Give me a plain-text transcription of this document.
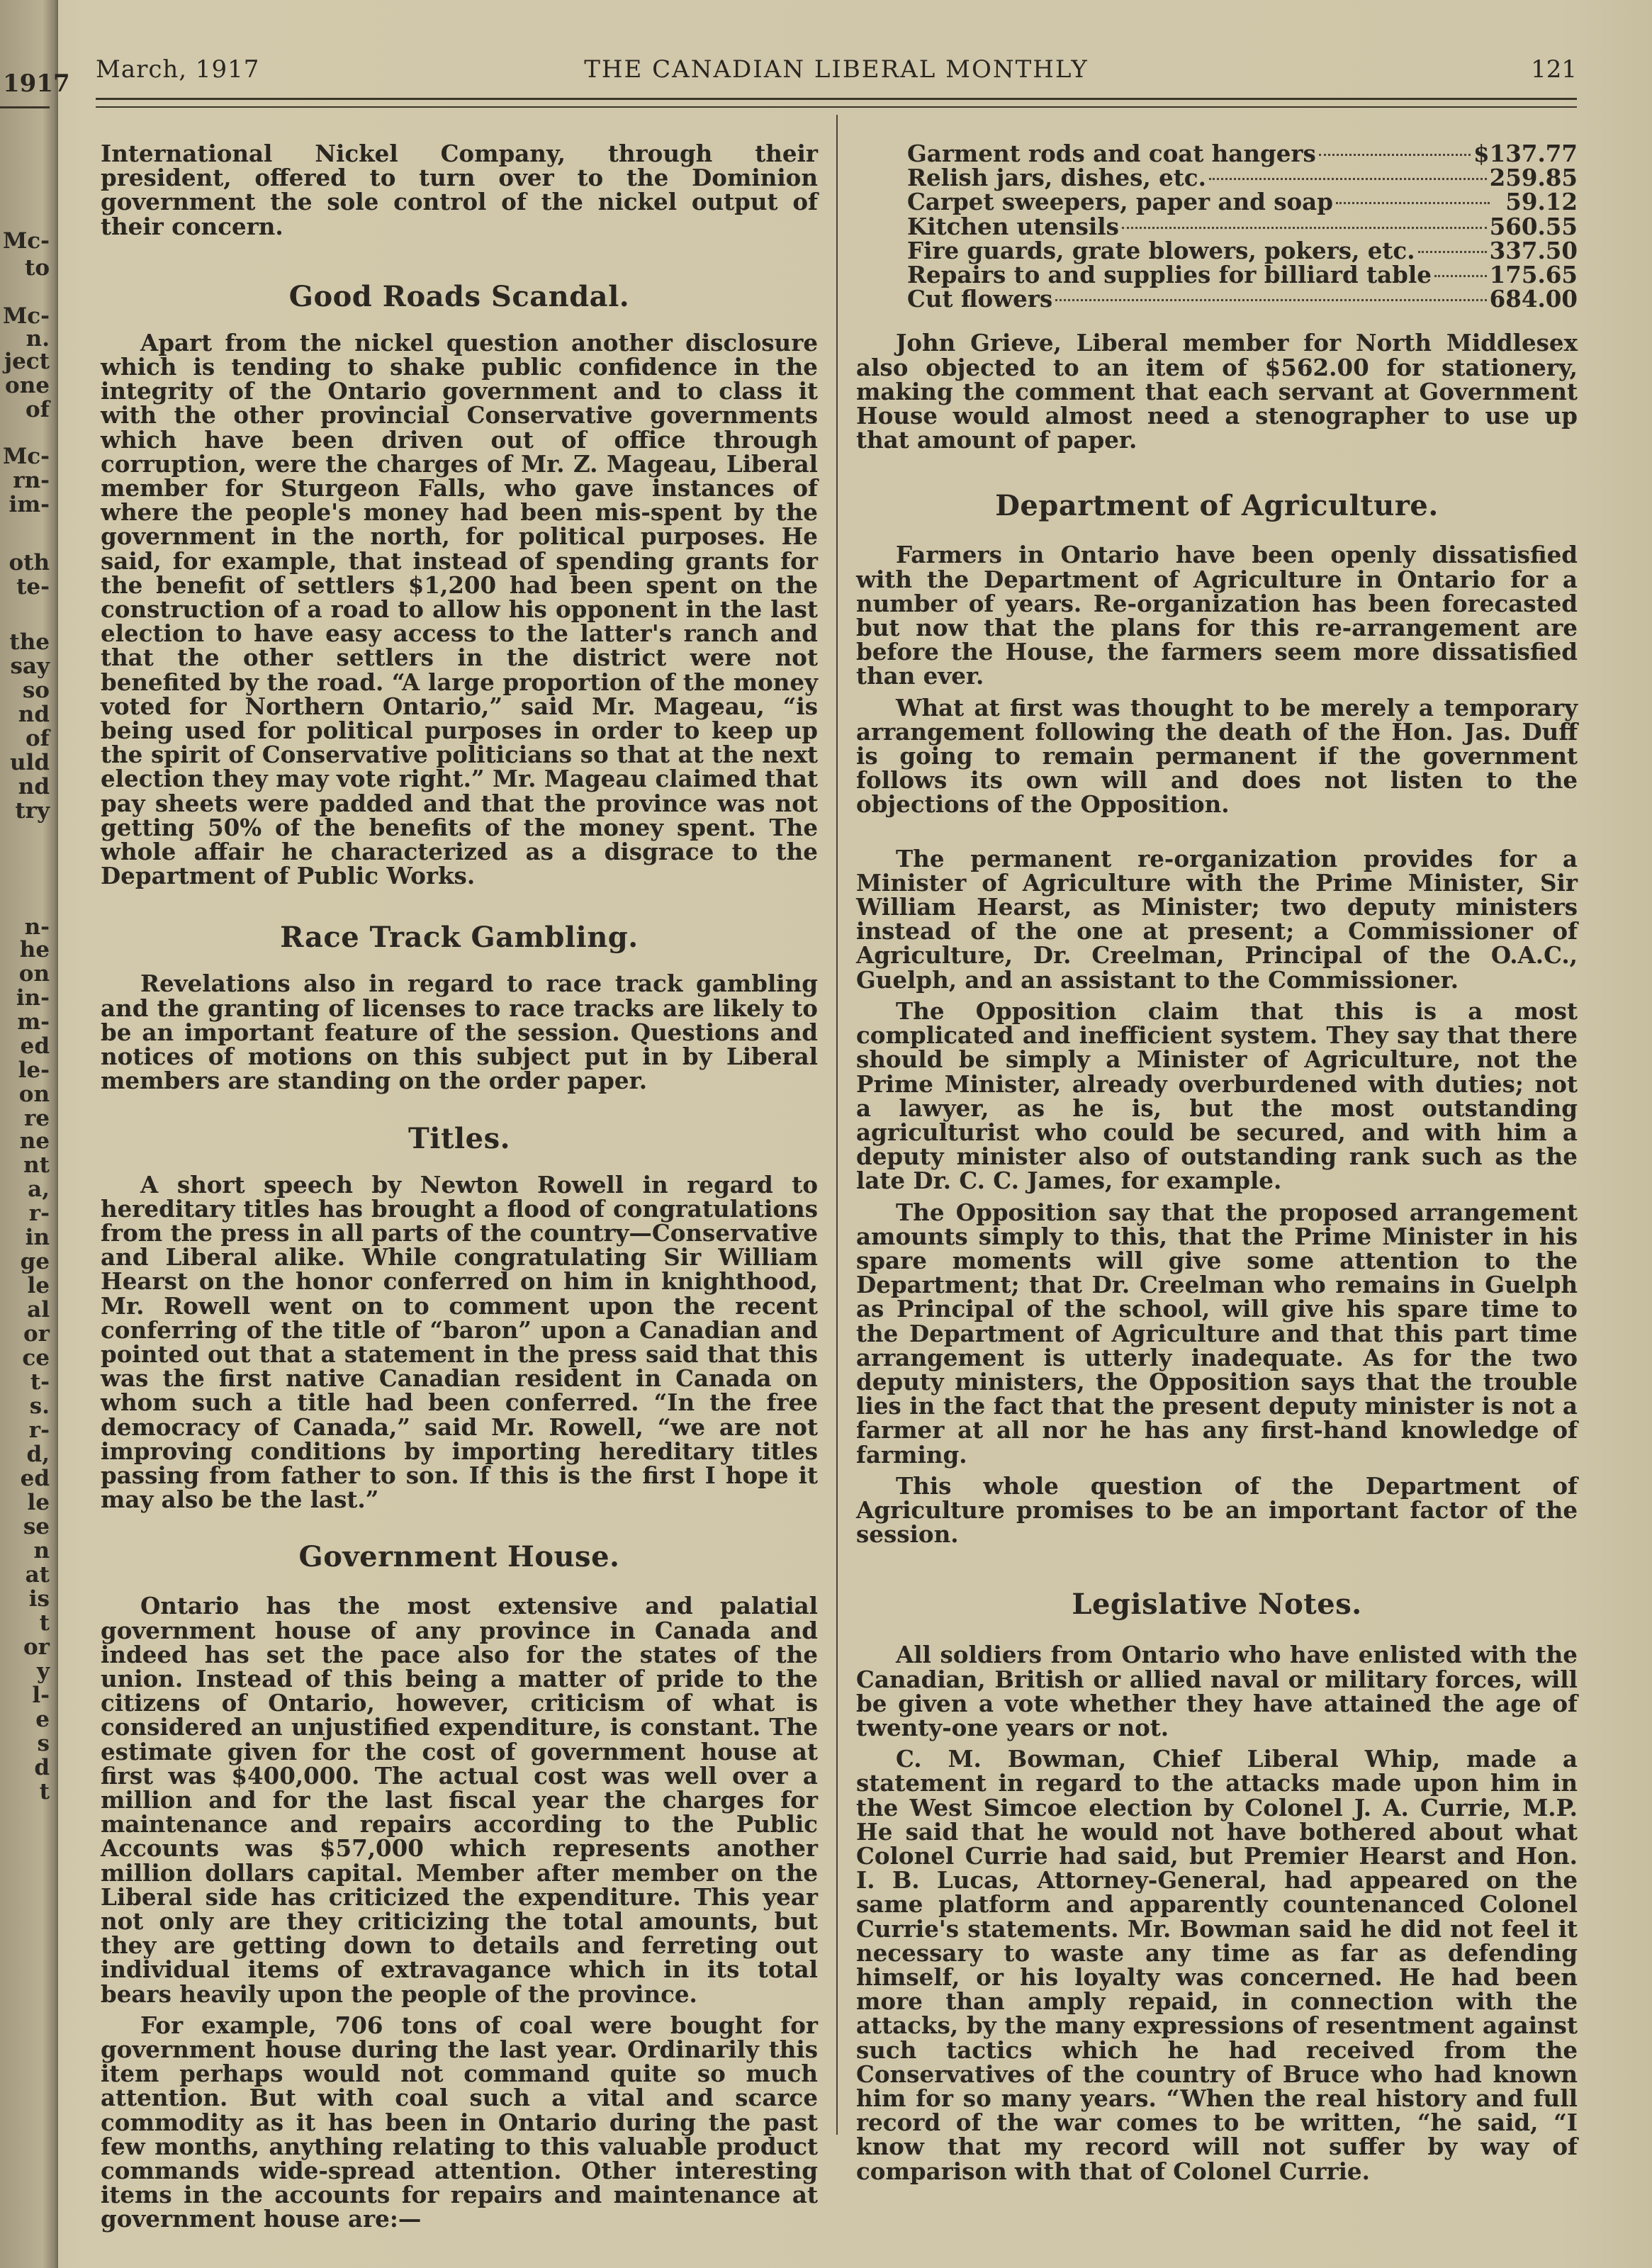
1917
Mc-
to
Mc-
n.
ject
one
of
Mc-
rn-
im-
oth
te-
the
say
so
nd
of
uld
nd
try
n-
he
on
in-
m-
ed
le-
on
re
ne
nt
a,
r-
in
ge
le
al
or
ce
t-
s.
r-
d,
ed
le
se
n
at
is
t
or
y
l-
e
s
d
t
March, 1917	THE CANADIAN LIBERAL MONTHLY	121

International Nickel Company, through their president, offered to turn over to the Dominion government the sole control of the nickel output of their concern.

Good Roads Scandal.

Apart from the nickel question another disclosure which is tending to shake public confidence in the integrity of the Ontario government and to class it with the other provincial Conservative governments which have been driven out of office through corruption, were the charges of Mr. Z. Mageau, Liberal member for Sturgeon Falls, who gave instances of where the people's money had been mis-spent by the government in the north, for political purposes. He said, for example, that instead of spending grants for the benefit of settlers $1,200 had been spent on the construction of a road to allow his opponent in the last election to have easy access to the latter's ranch and that the other settlers in the district were not benefited by the road. “A large proportion of the money voted for Northern Ontario,” said Mr. Mageau, “is being used for political purposes in order to keep up the spirit of Conservative politicians so that at the next election they may vote right.” Mr. Mageau claimed that pay sheets were padded and that the province was not getting 50% of the benefits of the money spent. The whole affair he characterized as a disgrace to the Department of Public Works.

Race Track Gambling.

Revelations also in regard to race track gambling and the granting of licenses to race tracks are likely to be an important feature of the session. Questions and notices of motions on this subject put in by Liberal members are standing on the order paper.

Titles.

A short speech by Newton Rowell in regard to hereditary titles has brought a flood of congratulations from the press in all parts of the country—Conservative and Liberal alike. While congratulating Sir William Hearst on the honor conferred on him in knighthood, Mr. Rowell went on to comment upon the recent conferring of the title of “baron” upon a Canadian and pointed out that a statement in the press said that this was the first native Canadian resident in Canada on whom such a title had been conferred. “In the free democracy of Canada,” said Mr. Rowell, “we are not improving conditions by importing hereditary titles passing from father to son. If this is the first I hope it may also be the last.”

Government House.

Ontario has the most extensive and palatial government house of any province in Canada and indeed has set the pace also for the states of the union. Instead of this being a matter of pride to the citizens of Ontario, however, criticism of what is considered an unjustified expenditure, is constant. The estimate given for the cost of government house at first was $400,000. The actual cost was well over a million and for the last fiscal year the charges for maintenance and repairs according to the Public Accounts was $57,000 which represents another million dollars capital. Member after member on the Liberal side has criticized the expenditure. This year not only are they criticizing the total amounts, but they are getting down to details and ferreting out individual items of extravagance which in its total bears heavily upon the people of the province.

For example, 706 tons of coal were bought for government house during the last year. Ordinarily this item perhaps would not command quite so much attention. But with coal such a vital and scarce commodity as it has been in Ontario during the past few months, anything relating to this valuable product commands wide-spread attention. Other interesting items in the accounts for repairs and maintenance at government house are:—

Garment rods and coat hangers	$137.77
Relish jars, dishes, etc.	259.85
Carpet sweepers, paper and soap	59.12
Kitchen utensils	560.55
Fire guards, grate blowers, pokers, etc.	337.50
Repairs to and supplies for billiard table	175.65
Cut flowers	684.00

John Grieve, Liberal member for North Middlesex also objected to an item of $562.00 for stationery, making the comment that each servant at Government House would almost need a stenographer to use up that amount of paper.

Department of Agriculture.

Farmers in Ontario have been openly dissatisfied with the Department of Agriculture in Ontario for a number of years. Re-organization has been forecasted but now that the plans for this re-arrangement are before the House, the farmers seem more dissatisfied than ever.

What at first was thought to be merely a temporary arrangement following the death of the Hon. Jas. Duff is going to remain permanent if the government follows its own will and does not listen to the objections of the Opposition.

The permanent re-organization provides for a Minister of Agriculture with the Prime Minister, Sir William Hearst, as Minister; two deputy ministers instead of the one at present; a Commissioner of Agriculture, Dr. Creelman, Principal of the O.A.C., Guelph, and an assistant to the Commissioner.

The Opposition claim that this is a most complicated and inefficient system. They say that there should be simply a Minister of Agriculture, not the Prime Minister, already overburdened with duties; not a lawyer, as he is, but the most outstanding agriculturist who could be secured, and with him a deputy minister also of outstanding rank such as the late Dr. C. C. James, for example.

The Opposition say that the proposed arrangement amounts simply to this, that the Prime Minister in his spare moments will give some attention to the Department; that Dr. Creelman who remains in Guelph as Principal of the school, will give his spare time to the Department of Agriculture and that this part time arrangement is utterly inadequate. As for the two deputy ministers, the Opposition says that the trouble lies in the fact that the present deputy minister is not a farmer at all nor he has any first-hand knowledge of farming.

This whole question of the Department of Agriculture promises to be an important factor of the session.

Legislative Notes.

All soldiers from Ontario who have enlisted with the Canadian, British or allied naval or military forces, will be given a vote whether they have attained the age of twenty-one years or not.

C. M. Bowman, Chief Liberal Whip, made a statement in regard to the attacks made upon him in the West Simcoe election by Colonel J. A. Currie, M.P. He said that he would not have bothered about what Colonel Currie had said, but Premier Hearst and Hon. I. B. Lucas, Attorney-General, had appeared on the same platform and apparently countenanced Colonel Currie's statements. Mr. Bowman said he did not feel it necessary to waste any time as far as defending himself, or his loyalty was concerned. He had been more than amply repaid, in connection with the attacks, by the many expressions of resentment against such tactics which he had received from the Conservatives of the country of Bruce who had known him for so many years. “When the real history and full record of the war comes to be written, “he said, “I know that my record will not suffer by way of comparison with that of Colonel Currie.
